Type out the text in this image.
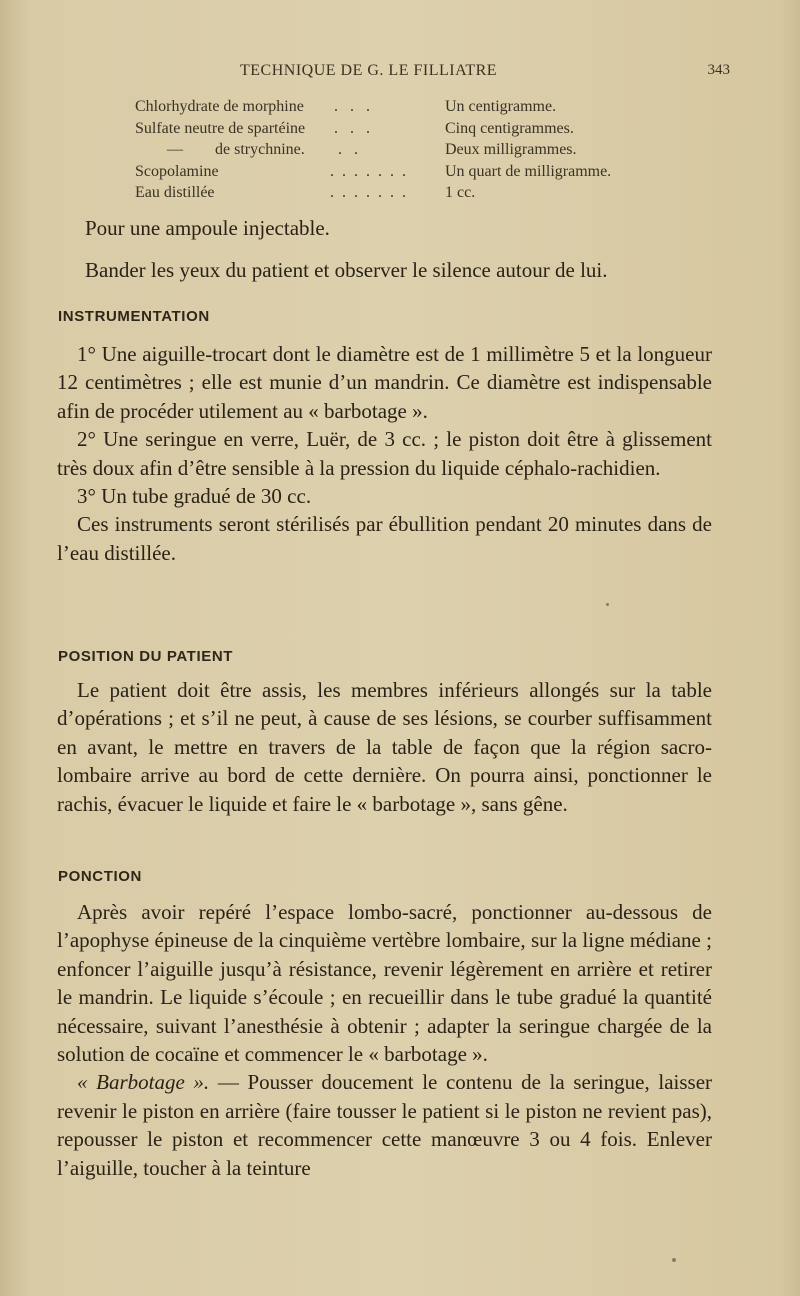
TECHNIQUE DE G. LE FILLIATRE	343
Chlorhydrate de morphine	.   .   .	Un centigramme.
Sulfate neutre de spartéine	.   .   .	Cinq centigrammes.
—        de strychnine.	.   .	Deux milligrammes.
Scopolamine	.  .  .  .  .  .  .	Un quart de milligramme.
Eau distillée	.  .  .  .  .  .  .	1 cc.

Pour une ampoule injectable.

Bander les yeux du patient et observer le silence autour de lui.

INSTRUMENTATION

1° Une aiguille-trocart dont le diamètre est de 1 millimètre 5 et la longueur 12 centimètres ; elle est munie d’un mandrin. Ce diamètre est indispensable afin de procéder utilement au « barbotage ».

2° Une seringue en verre, Luër, de 3 cc. ; le piston doit être à glissement très doux afin d’être sensible à la pression du liquide céphalo-rachidien.

3° Un tube gradué de 30 cc.

Ces instruments seront stérilisés par ébullition pendant 20 minutes dans de l’eau distillée.

POSITION DU PATIENT

Le patient doit être assis, les membres inférieurs allongés sur la table d’opérations ; et s’il ne peut, à cause de ses lésions, se courber suffisamment en avant, le mettre en travers de la table de façon que la région sacro-lombaire arrive au bord de cette dernière. On pourra ainsi, ponctionner le rachis, évacuer le liquide et faire le « barbotage », sans gêne.

PONCTION

Après avoir repéré l’espace lombo-sacré, ponctionner au-dessous de l’apophyse épineuse de la cinquième vertèbre lombaire, sur la ligne médiane ; enfoncer l’aiguille jusqu’à résistance, revenir légèrement en arrière et retirer le mandrin. Le liquide s’écoule ; en recueillir dans le tube gradué la quantité nécessaire, suivant l’anesthésie à obtenir ; adapter la seringue chargée de la solution de cocaïne et commencer le « barbotage ».

« Barbotage ». — Pousser doucement le contenu de la seringue, laisser revenir le piston en arrière (faire tousser le patient si le piston ne revient pas), repousser le piston et recommencer cette manœuvre 3 ou 4 fois. Enlever l’aiguille, toucher à la teinture
